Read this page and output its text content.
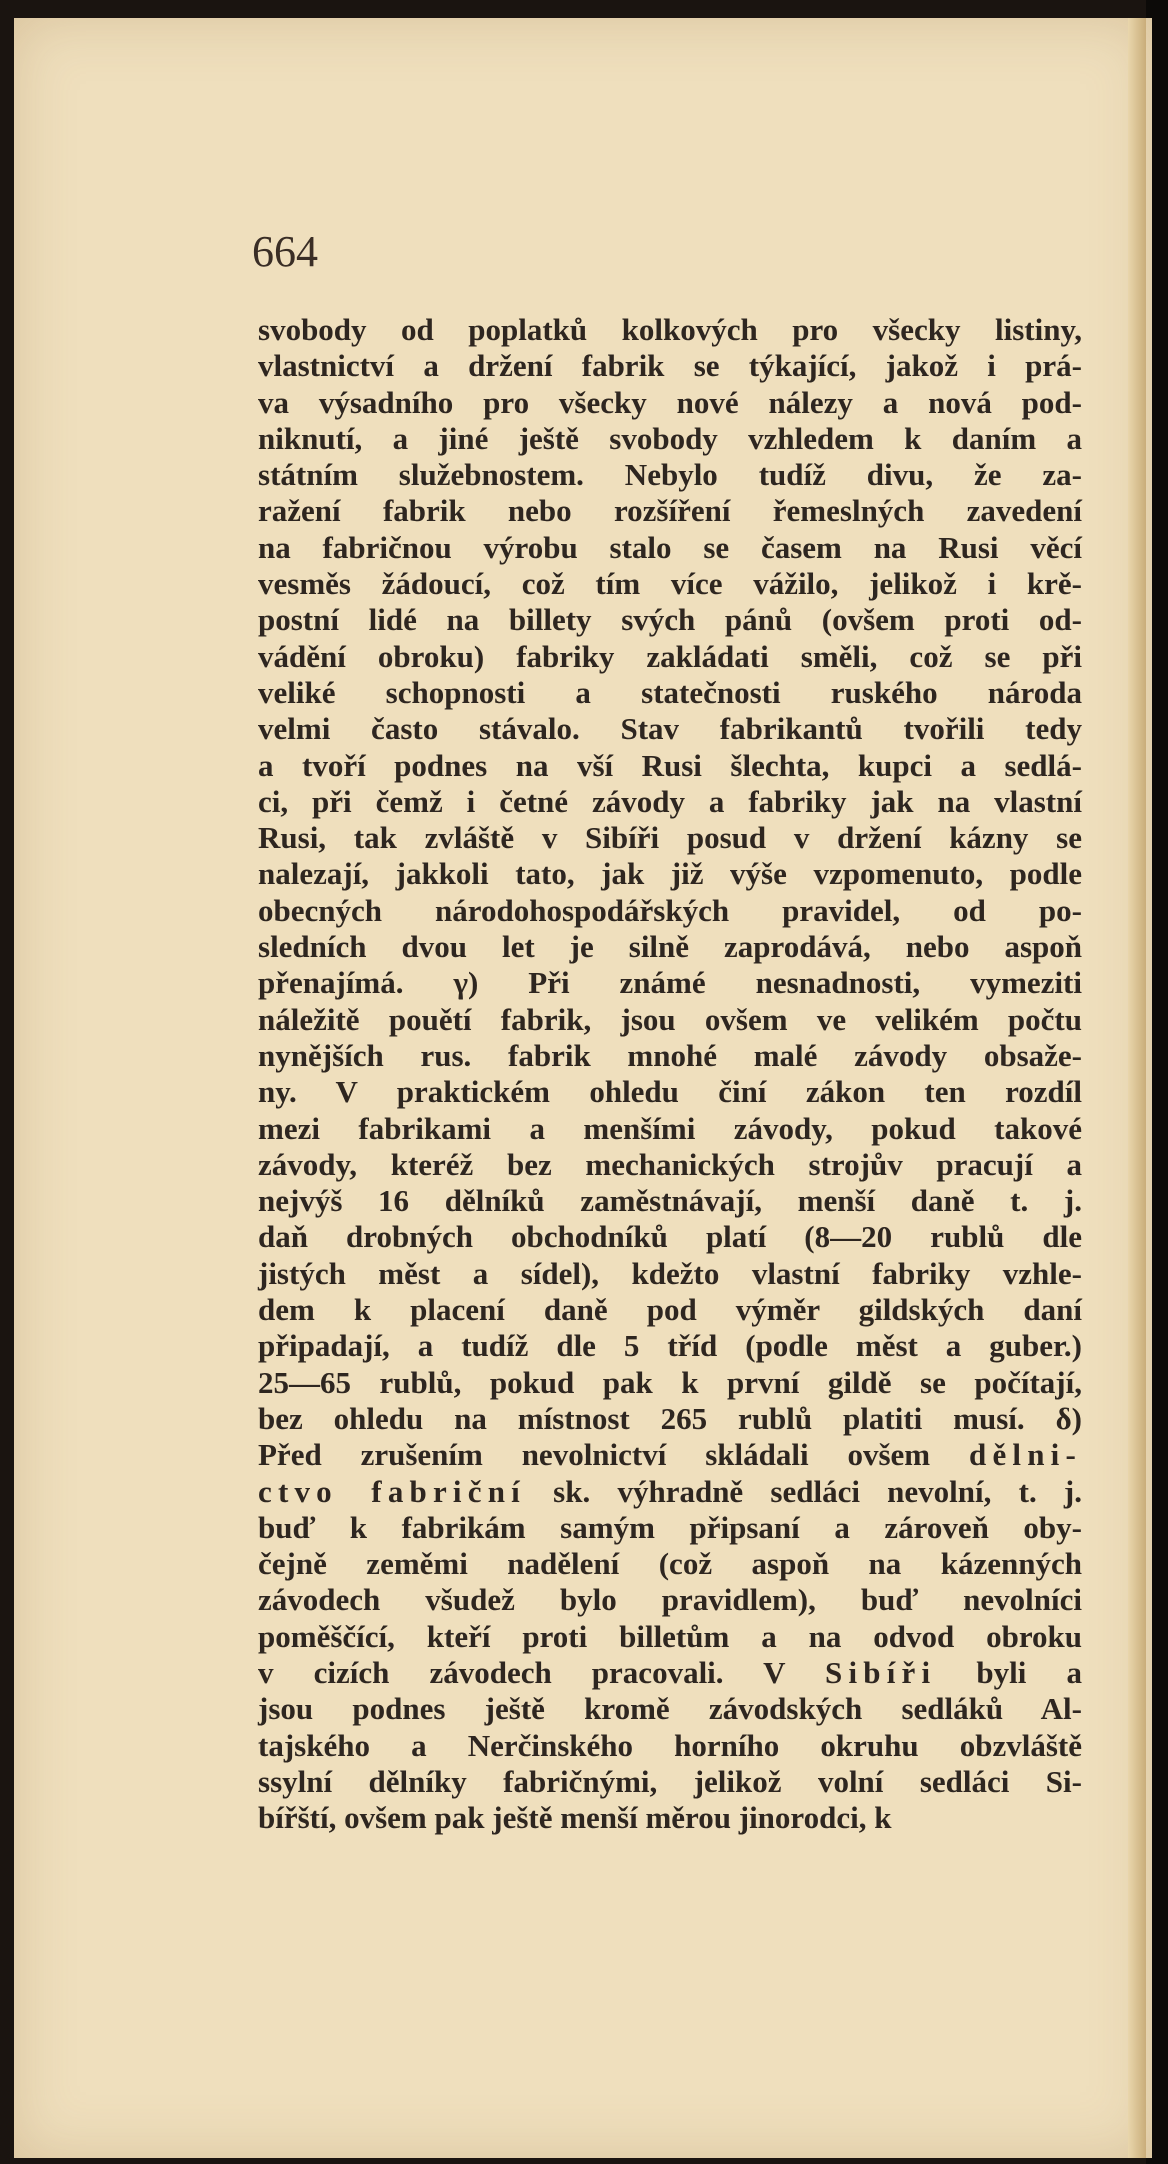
664
svobody od poplatků kolkových pro všecky listiny,
vlastnictví a držení fabrik se týkající, jakož i prá-
va výsadního pro všecky nové nálezy a nová pod-
niknutí, a jiné ještě svobody vzhledem k daním a
státním služebnostem. Nebylo tudíž divu, že za-
ražení fabrik nebo rozšíření řemeslných zavedení
na fabričnou výrobu stalo se časem na Rusi věcí
vesměs žádoucí, což tím více vážilo, jelikož i krě-
postní lidé na billety svých pánů (ovšem proti od-
vádění obroku) fabriky zakládati směli, což se při
veliké schopnosti a statečnosti ruského národa
velmi často stávalo. Stav fabrikantů tvořili tedy
a tvoří podnes na vší Rusi šlechta, kupci a sedlá-
ci, při čemž i četné závody a fabriky jak na vlastní
Rusi, tak zvláště v Sibíři posud v držení kázny se
nalezají, jakkoli tato, jak již výše vzpomenuto, podle
obecných národohospodářských pravidel, od po-
sledních dvou let je silně zaprodává, nebo aspoň
přenajímá. γ) Při známé nesnadnosti, vymeziti
náležitě pouětí fabrik, jsou ovšem ve velikém počtu
nynějších rus. fabrik mnohé malé závody obsaže-
ny. V praktickém ohledu činí zákon ten rozdíl
mezi fabrikami a menšími závody, pokud takové
závody, kteréž bez mechanických strojův pracují a
nejvýš 16 dělníků zaměstnávají, menší daně t. j.
daň drobných obchodníků platí (8—20 rublů dle
jistých měst a sídel), kdežto vlastní fabriky vzhle-
dem k placení daně pod výměr gildských daní
připadají, a tudíž dle 5 tříd (podle měst a guber.)
25—65 rublů, pokud pak k první gildě se počítají,
bez ohledu na místnost 265 rublů platiti musí. δ)
Před zrušením nevolnictví skládali ovšem dělni-
ctvo fabriční sk. výhradně sedláci nevolní, t. j.
buď k fabrikám samým připsaní a zároveň oby-
čejně zeměmi nadělení (což aspoň na kázenných
závodech všudež bylo pravidlem), buď nevolníci
poměščící, kteří proti billetům a na odvod obroku
v cizích závodech pracovali. V Sibíři byli a
jsou podnes ještě kromě závodských sedláků Al-
tajského a Nerčinského horního okruhu obzvláště
ssylní dělníky fabričnými, jelikož volní sedláci Si-
bířští, ovšem pak ještě menší měrou jinorodci, k
